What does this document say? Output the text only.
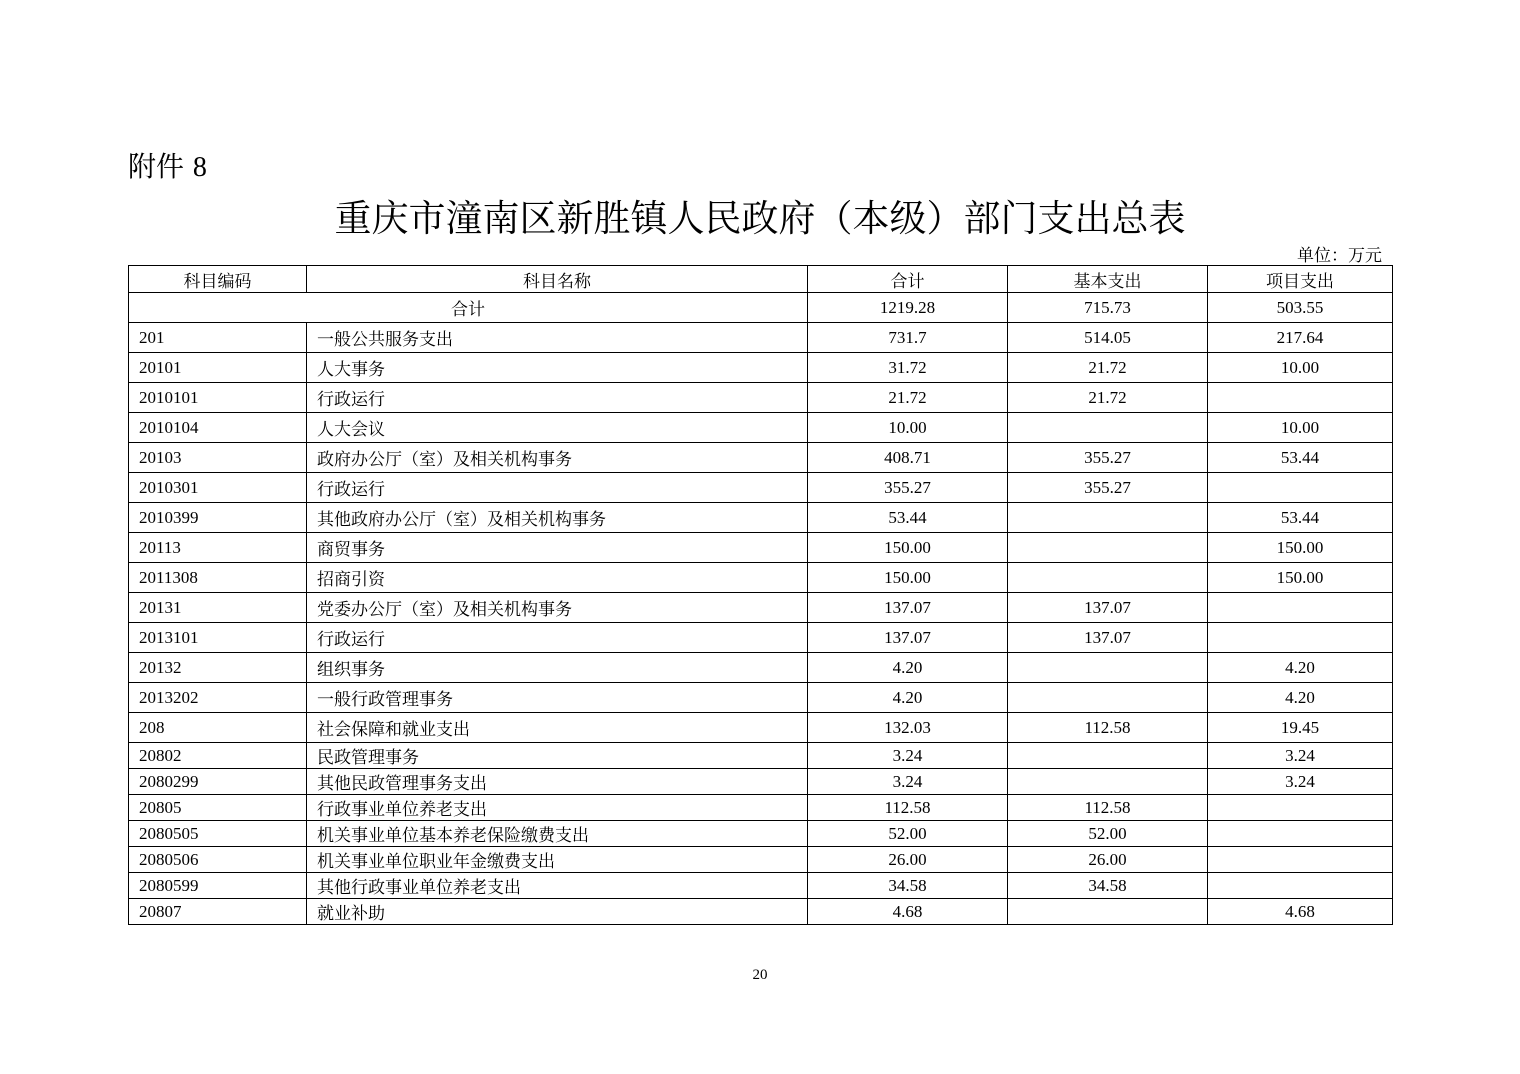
附件 8
重庆市潼南区新胜镇人民政府（本级）部门支出总表
单位：万元
科目编码	科目名称	合计	基本支出	项目支出
合计		1219.28	715.73	503.55
201	一般公共服务支出	731.7	514.05	217.64
20101	人大事务	31.72	21.72	10.00
2010101	行政运行	21.72	21.72	
2010104	人大会议	10.00		10.00
20103	政府办公厅（室）及相关机构事务	408.71	355.27	53.44
2010301	行政运行	355.27	355.27	
2010399	其他政府办公厅（室）及相关机构事务	53.44		53.44
20113	商贸事务	150.00		150.00
2011308	招商引资	150.00		150.00
20131	党委办公厅（室）及相关机构事务	137.07	137.07	
2013101	行政运行	137.07	137.07	
20132	组织事务	4.20		4.20
2013202	一般行政管理事务	4.20		4.20
208	社会保障和就业支出	132.03	112.58	19.45
20802	民政管理事务	3.24		3.24
2080299	其他民政管理事务支出	3.24		3.24
20805	行政事业单位养老支出	112.58	112.58	
2080505	机关事业单位基本养老保险缴费支出	52.00	52.00	
2080506	机关事业单位职业年金缴费支出	26.00	26.00	
2080599	其他行政事业单位养老支出	34.58	34.58	
20807	就业补助	4.68		4.68
20
